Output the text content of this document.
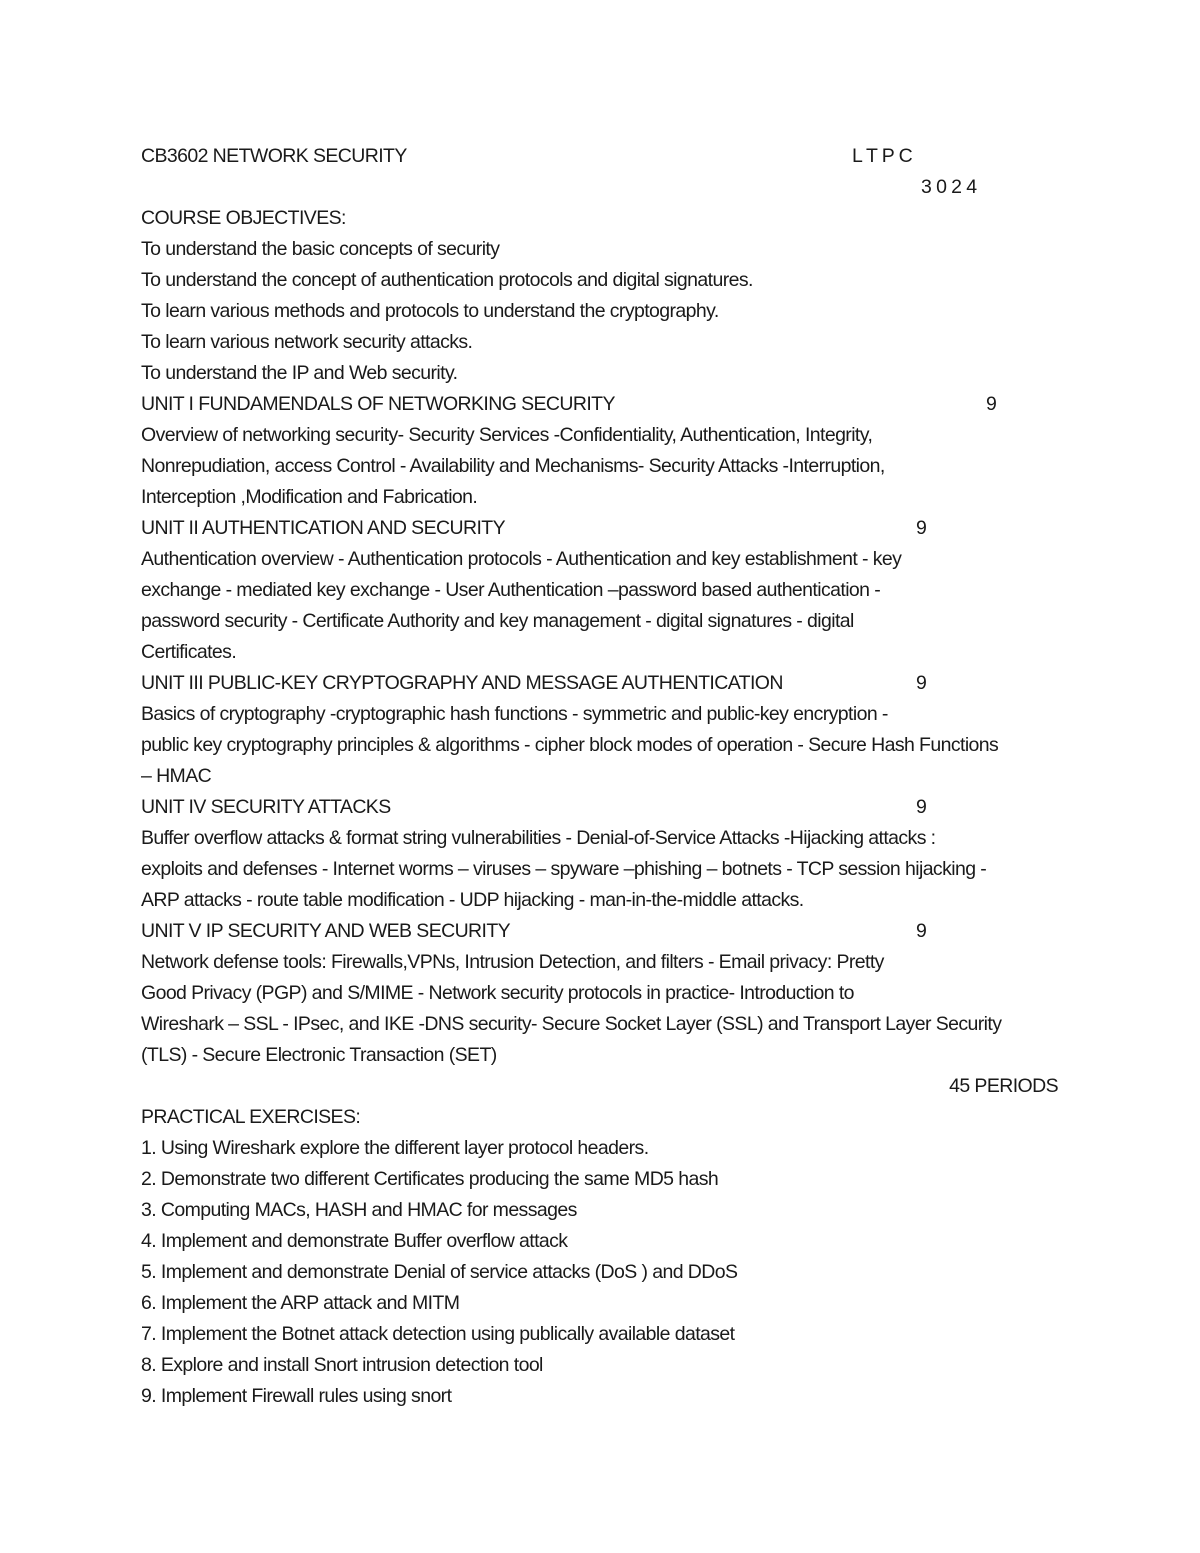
CB3602 NETWORK SECURITY	L T P C
3 0 2 4
COURSE OBJECTIVES:
To understand the basic concepts of security
To understand the concept of authentication protocols and digital signatures.
To learn various methods and protocols to understand the cryptography.
To learn various network security attacks.
To understand the IP and Web security.
UNIT I FUNDAMENDALS OF NETWORKING SECURITY	9
Overview of networking security- Security Services -Confidentiality, Authentication, Integrity,
Nonrepudiation, access Control - Availability and Mechanisms- Security Attacks -Interruption,
Interception ,Modification and Fabrication.
UNIT II AUTHENTICATION AND SECURITY	9
Authentication overview - Authentication protocols - Authentication and key establishment - key
exchange - mediated key exchange - User Authentication –password based authentication -
password security - Certificate Authority and key management - digital signatures - digital
Certificates.
UNIT III PUBLIC-KEY CRYPTOGRAPHY AND MESSAGE AUTHENTICATION	9
Basics of cryptography -cryptographic hash functions - symmetric and public-key encryption -
public key cryptography principles & algorithms - cipher block modes of operation - Secure Hash Functions
– HMAC
UNIT IV SECURITY ATTACKS	9
Buffer overflow attacks & format string vulnerabilities - Denial-of-Service Attacks -Hijacking attacks :
exploits and defenses - Internet worms – viruses – spyware –phishing – botnets - TCP session hijacking -
ARP attacks - route table modification - UDP hijacking - man-in-the-middle attacks.
UNIT V IP SECURITY AND WEB SECURITY	9
Network defense tools: Firewalls,VPNs, Intrusion Detection, and filters - Email privacy: Pretty
Good Privacy (PGP) and S/MIME - Network security protocols in practice- Introduction to
Wireshark – SSL - IPsec, and IKE -DNS security- Secure Socket Layer (SSL) and Transport Layer Security
(TLS) - Secure Electronic Transaction (SET)
45 PERIODS
PRACTICAL EXERCISES:
1. Using Wireshark explore the different layer protocol headers.
2. Demonstrate two different Certificates producing the same MD5 hash
3. Computing MACs, HASH and HMAC for messages
4. Implement and demonstrate Buffer overflow attack
5. Implement and demonstrate Denial of service attacks (DoS ) and DDoS
6. Implement the ARP attack and MITM
7. Implement the Botnet attack detection using publically available dataset
8. Explore and install Snort intrusion detection tool
9. Implement Firewall rules using snort
